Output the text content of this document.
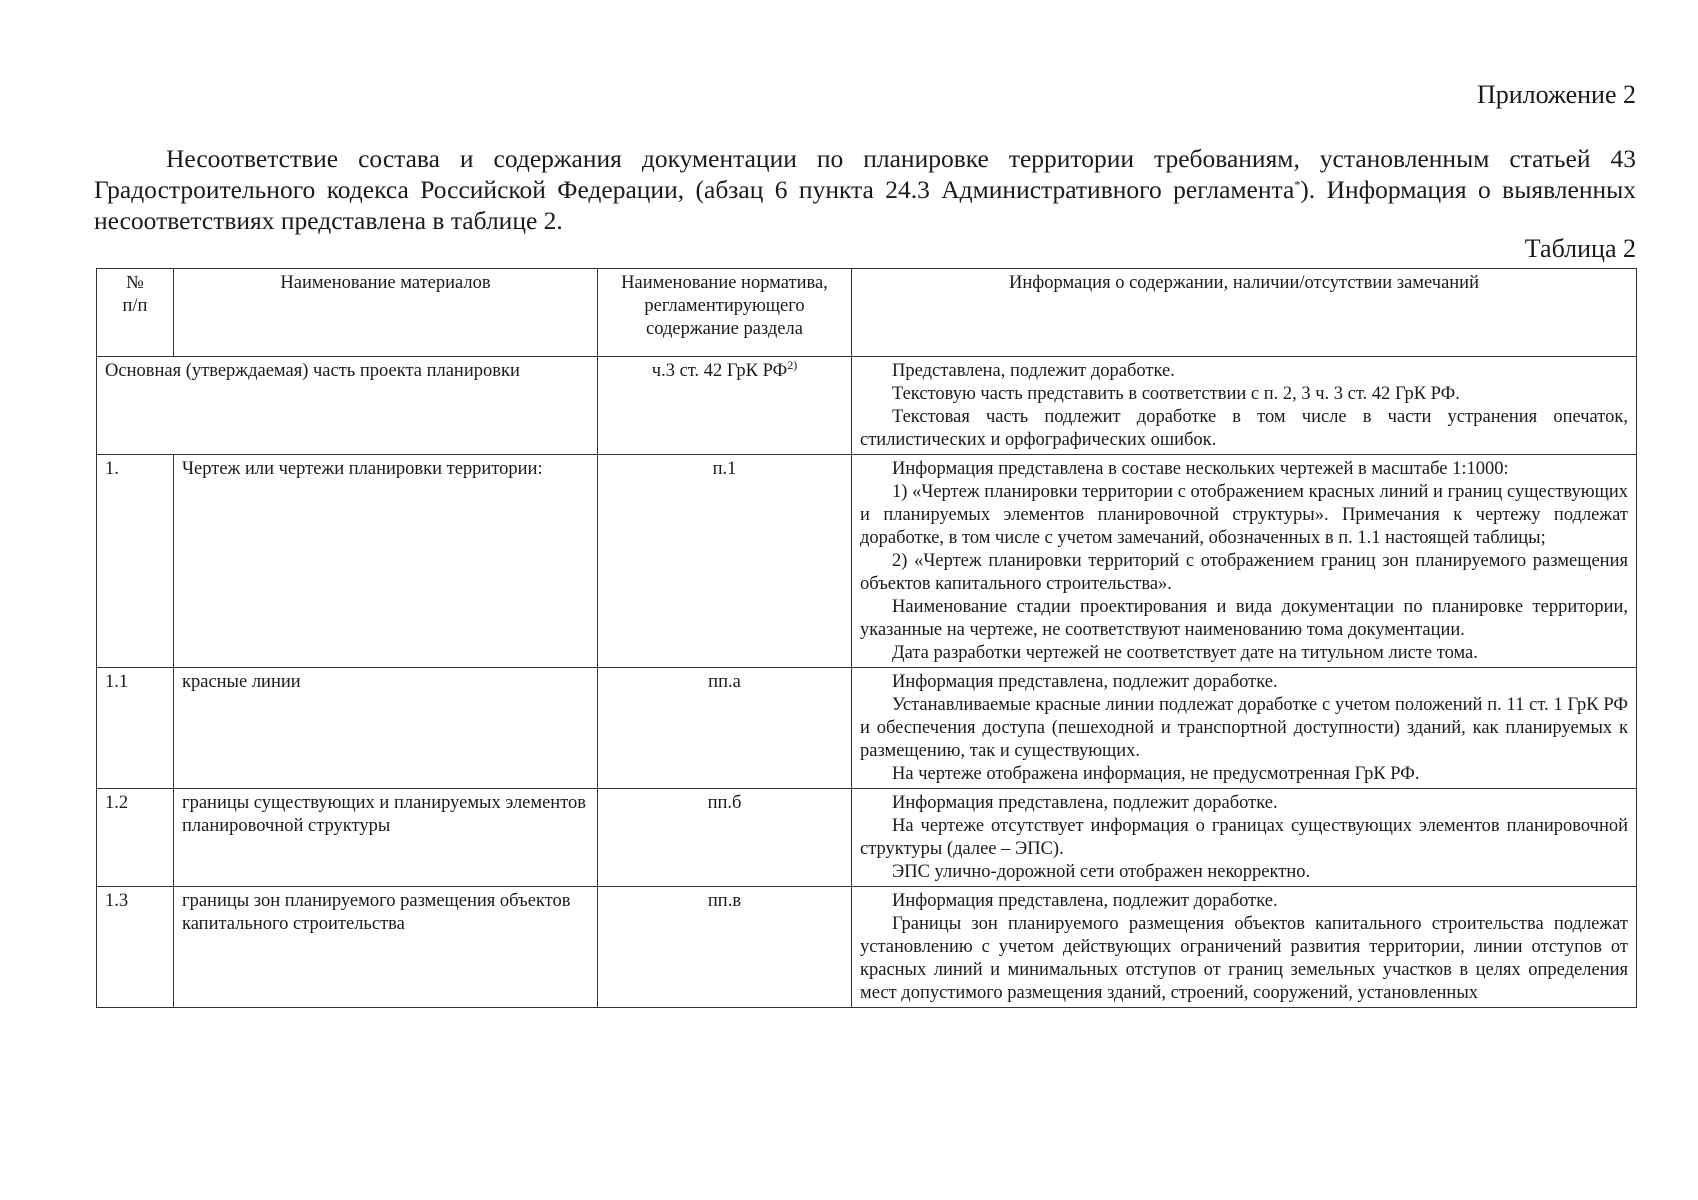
Приложение 2
Несоответствие состава и содержания документации по планировке территории требованиям, установленным статьей 43 Градостроительного кодекса Российской Федерации, (абзац 6 пункта 24.3 Административного регламента*). Информация о выявленных несоответствиях представлена в таблице 2.
Таблица 2
№
п/п	Наименование материалов	Наименование норматива, регламентирующего содержание раздела	Информация о содержании, наличии/отсутствии замечаний
Основная (утверждаемая) часть проекта планировки		ч.3 ст. 42 ГрК РФ$^{2)}$	Представлена, подлежит доработке.

Текстовую часть представить в соответствии с п. 2, 3 ч. 3 ст. 42 ГрК РФ.

Текстовая часть подлежит доработке в том числе в части устранения опечаток, стилистических и орфографических ошибок.

1.	Чертеж или чертежи планировки территории:	п.1	Информация представлена в составе нескольких чертежей в масштабе 1:1000:

1) «Чертеж планировки территории с отображением красных линий и границ существующих и планируемых элементов планировочной структуры». Примечания к чертежу подлежат доработке, в том числе с учетом замечаний, обозначенных в п. 1.1 настоящей таблицы;

2) «Чертеж планировки территорий с отображением границ зон планируемого размещения объектов капитального строительства».

Наименование стадии проектирования и вида документации по планировке территории, указанные на чертеже, не соответствуют наименованию тома документации.

Дата разработки чертежей не соответствует дате на титульном листе тома.

1.1	красные линии	пп.а	Информация представлена, подлежит доработке.

Устанавливаемые красные линии подлежат доработке с учетом положений п. 11 ст. 1 ГрК РФ и обеспечения доступа (пешеходной и транспортной доступности) зданий, как планируемых к размещению, так и существующих.

На чертеже отображена информация, не предусмотренная ГрК РФ.

1.2	границы существующих и планируемых элементов планировочной структуры	пп.б	Информация представлена, подлежит доработке.

На чертеже отсутствует информация о границах существующих элементов планировочной структуры (далее – ЭПС).

ЭПС улично-дорожной сети отображен некорректно.

1.3	границы зон планируемого размещения объектов капитального строительства	пп.в	Информация представлена, подлежит доработке.

Границы зон планируемого размещения объектов капитального строительства подлежат установлению с учетом действующих ограничений развития территории, линии отступов от красных линий и минимальных отступов от границ земельных участков в целях определения мест допустимого размещения зданий, строений, сооружений, установленных
